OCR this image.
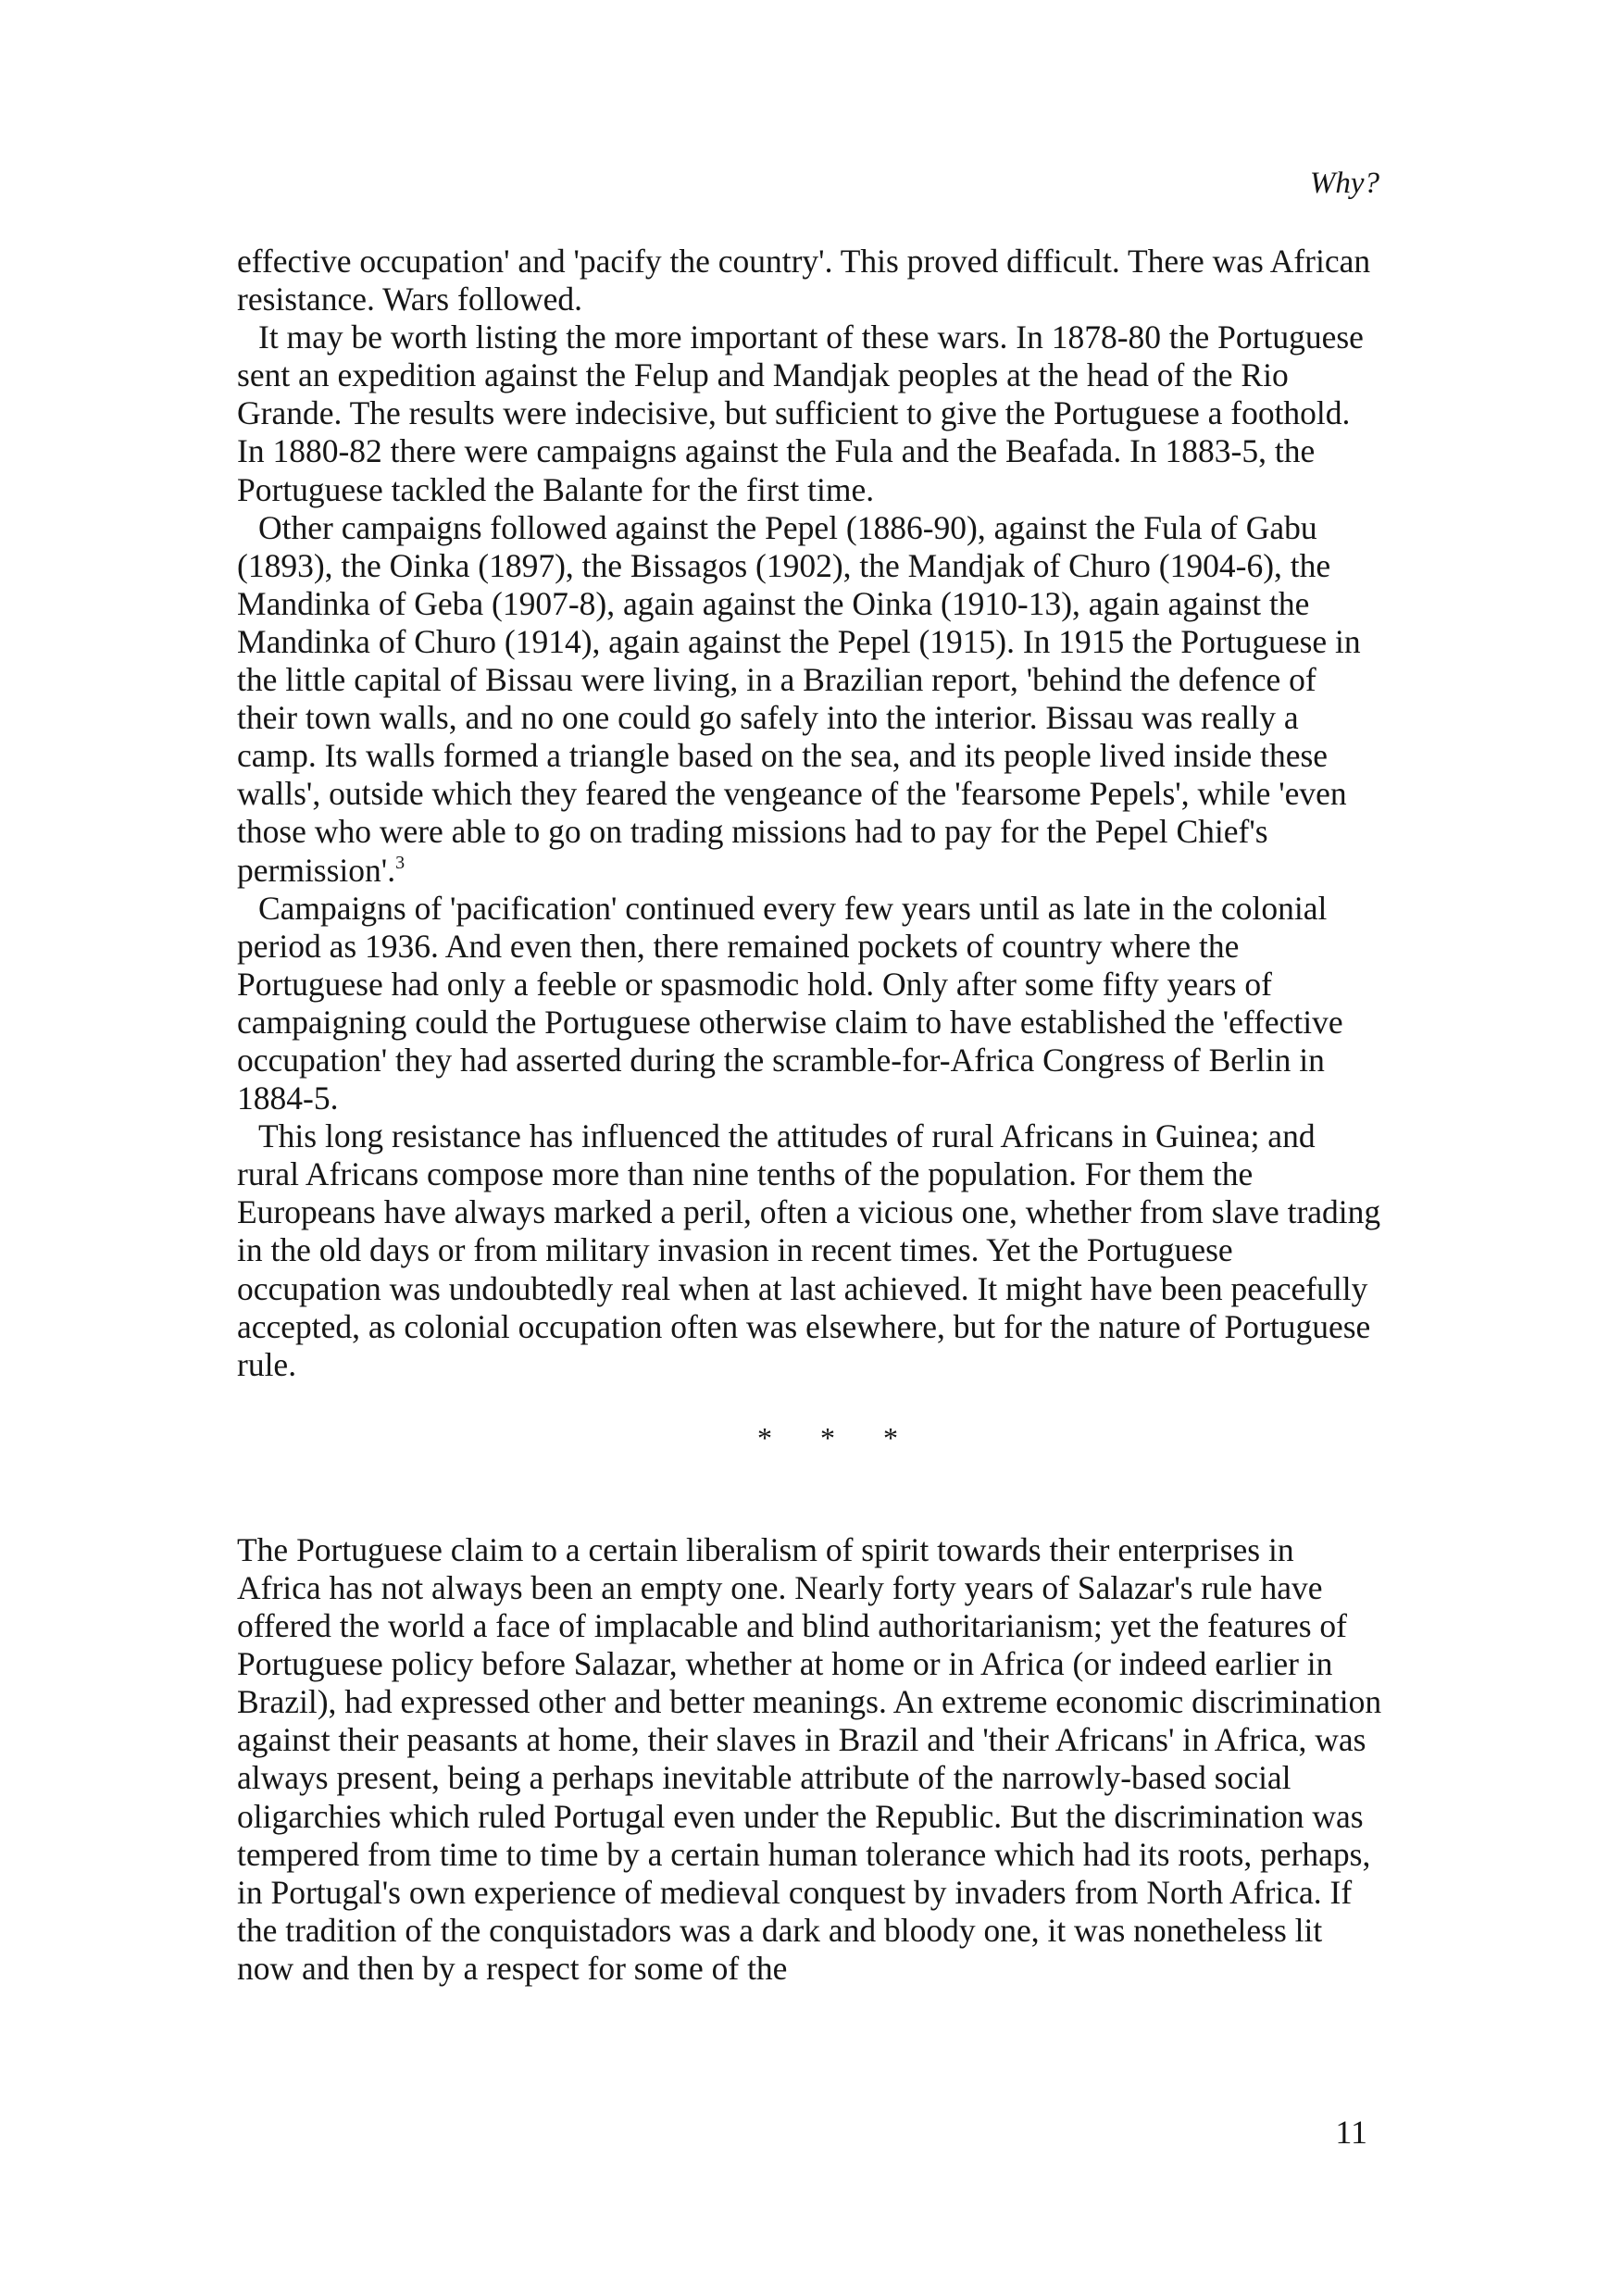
Why?

effective occupation' and 'pacify the country'. This proved difficult. There was African resistance. Wars followed.

It may be worth listing the more important of these wars. In 1878-80 the Portuguese sent an expedition against the Felup and Mandjak peoples at the head of the Rio Grande. The results were indecisive, but sufficient to give the Portuguese a foothold. In 1880-82 there were campaigns against the Fula and the Beafada. In 1883-5, the Portuguese tackled the Balante for the first time.

Other campaigns followed against the Pepel (1886-90), against the Fula of Gabu (1893), the Oinka (1897), the Bissagos (1902), the Mandjak of Churo (1904-6), the Mandinka of Geba (1907-8), again against the Oinka (1910-13), again against the Mandinka of Churo (1914), again against the Pepel (1915). In 1915 the Portuguese in the little capital of Bissau were living, in a Brazilian report, 'behind the defence of their town walls, and no one could go safely into the interior. Bissau was really a camp. Its walls formed a triangle based on the sea, and its people lived inside these walls', outside which they feared the vengeance of the 'fearsome Pepels', while 'even those who were able to go on trading missions had to pay for the Pepel Chief's permission'.$^3$

Campaigns of 'pacification' continued every few years until as late in the colonial period as 1936. And even then, there remained pockets of country where the Portuguese had only a feeble or spasmodic hold. Only after some fifty years of campaigning could the Portuguese otherwise claim to have established the 'effective occupation' they had asserted during the scramble-for-Africa Congress of Berlin in 1884-5.

This long resistance has influenced the attitudes of rural Africans in Guinea; and rural Africans compose more than nine tenths of the population. For them the Europeans have always marked a peril, often a vicious one, whether from slave trading in the old days or from military invasion in recent times. Yet the Portuguese occupation was undoubtedly real when at last achieved. It might have been peacefully accepted, as colonial occupation often was elsewhere, but for the nature of Portuguese rule.

* * *

The Portuguese claim to a certain liberalism of spirit towards their enterprises in Africa has not always been an empty one. Nearly forty years of Salazar's rule have offered the world a face of implacable and blind authoritarianism; yet the features of Portuguese policy before Salazar, whether at home or in Africa (or indeed earlier in Brazil), had expressed other and better meanings. An extreme economic discrimination against their peasants at home, their slaves in Brazil and 'their Africans' in Africa, was always present, being a perhaps inevitable attribute of the narrowly-based social oligarchies which ruled Portugal even under the Republic. But the discrimination was tempered from time to time by a certain human tolerance which had its roots, perhaps, in Portugal's own experience of medieval conquest by invaders from North Africa. If the tradition of the conquistadors was a dark and bloody one, it was nonetheless lit now and then by a respect for some of the

11
